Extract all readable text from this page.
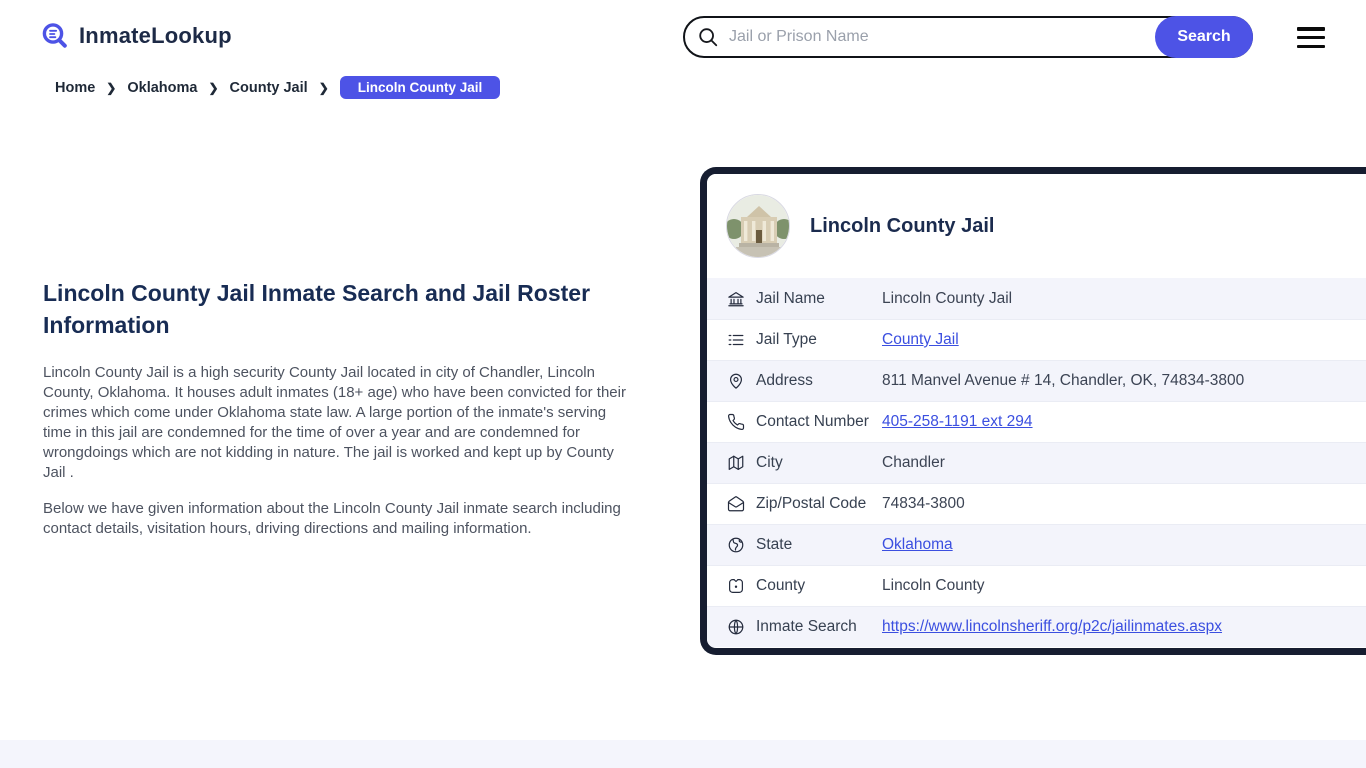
InmateLookup
Jail or Prison Name	Search
Home ❯ Oklahoma ❯ County Jail ❯	Lincoln County Jail
Lincoln County Jail Inmate Search and Jail Roster Information

Lincoln County Jail is a high security County Jail located in city of Chandler, Lincoln County, Oklahoma. It houses adult inmates (18+ age) who have been convicted for their crimes which come under Oklahoma state law. A large portion of the inmate's serving time in this jail are condemned for the time of over a year and are condemned for wrongdoings which are not kidding in nature. The jail is worked and kept up by County Jail .

Below we have given information about the Lincoln County Jail inmate search including contact details, visitation hours, driving directions and mailing information.

Lincoln County Jail
Jail Name	Lincoln County Jail
Jail Type	County Jail
Address	811 Manvel Avenue # 14, Chandler, OK, 74834-3800
Contact Number 405-258-1191 ext 294
City	Chandler
Zip/Postal Code	74834-3800
State	Oklahoma
County	Lincoln County
Inmate Search	https://www.lincolnsheriff.org/p2c/jailinmates.aspx
